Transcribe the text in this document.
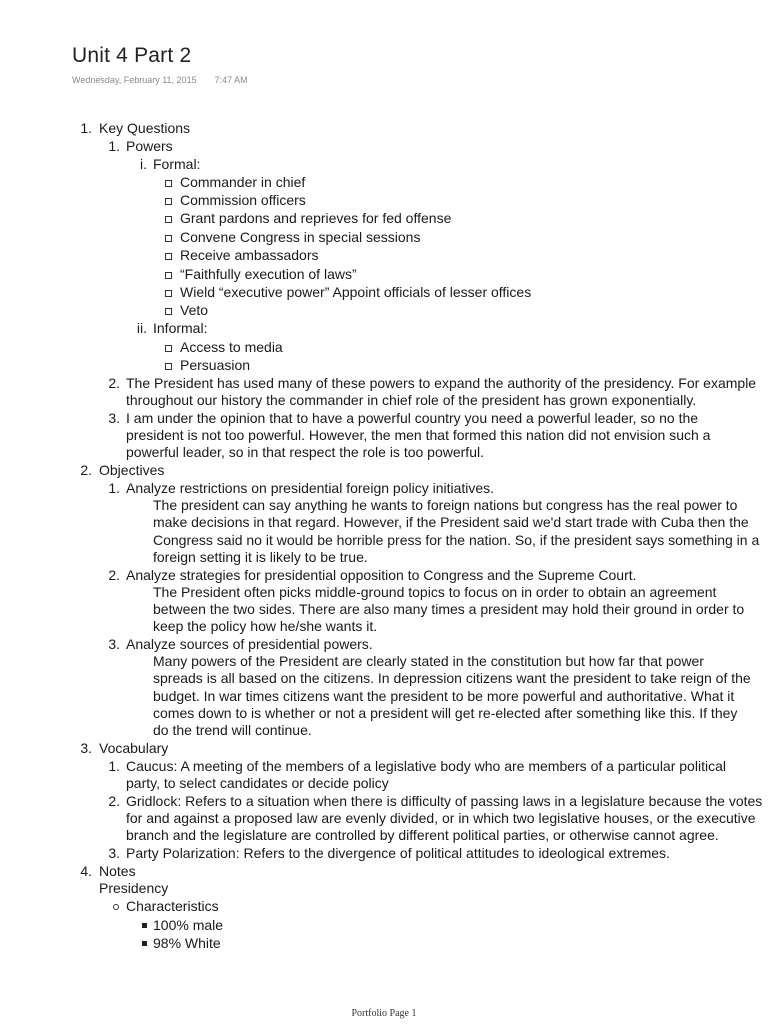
Unit 4 Part 2
Wednesday, February 11, 2015 7:47 AM
1. Key Questions
1. Powers
i. Formal:
Commander in chief
Commission officers
Grant pardons and reprieves for fed offense
Convene Congress in special sessions
Receive ambassadors
“Faithfully execution of laws”
Wield “executive power” Appoint officials of lesser offices
Veto
ii. Informal:
Access to media
Persuasion
2. The President has used many of these powers to expand the authority of the presidency. For example
throughout our history the commander in chief role of the president has grown exponentially.
3. I am under the opinion that to have a powerful country you need a powerful leader, so no the
president is not too powerful. However, the men that formed this nation did not envision such a
powerful leader, so in that respect the role is too powerful.
2. Objectives
1. Analyze restrictions on presidential foreign policy initiatives.
The president can say anything he wants to foreign nations but congress has the real power to
make decisions in that regard. However, if the President said we'd start trade with Cuba then the
Congress said no it would be horrible press for the nation. So, if the president says something in a
foreign setting it is likely to be true.
2. Analyze strategies for presidential opposition to Congress and the Supreme Court.
The President often picks middle-ground topics to focus on in order to obtain an agreement
between the two sides. There are also many times a president may hold their ground in order to
keep the policy how he/she wants it.
3. Analyze sources of presidential powers.
Many powers of the President are clearly stated in the constitution but how far that power
spreads is all based on the citizens. In depression citizens want the president to take reign of the
budget. In war times citizens want the president to be more powerful and authoritative. What it
comes down to is whether or not a president will get re-elected after something like this. If they
do the trend will continue.
3. Vocabulary
1. Caucus: A meeting of the members of a legislative body who are members of a particular political
party, to select candidates or decide policy
2. Gridlock: Refers to a situation when there is difficulty of passing laws in a legislature because the votes
for and against a proposed law are evenly divided, or in which two legislative houses, or the executive
branch and the legislature are controlled by different political parties, or otherwise cannot agree.
3. Party Polarization: Refers to the divergence of political attitudes to ideological extremes.
4. Notes
Presidency
Characteristics
100% male
98% White
Portfolio Page 1
